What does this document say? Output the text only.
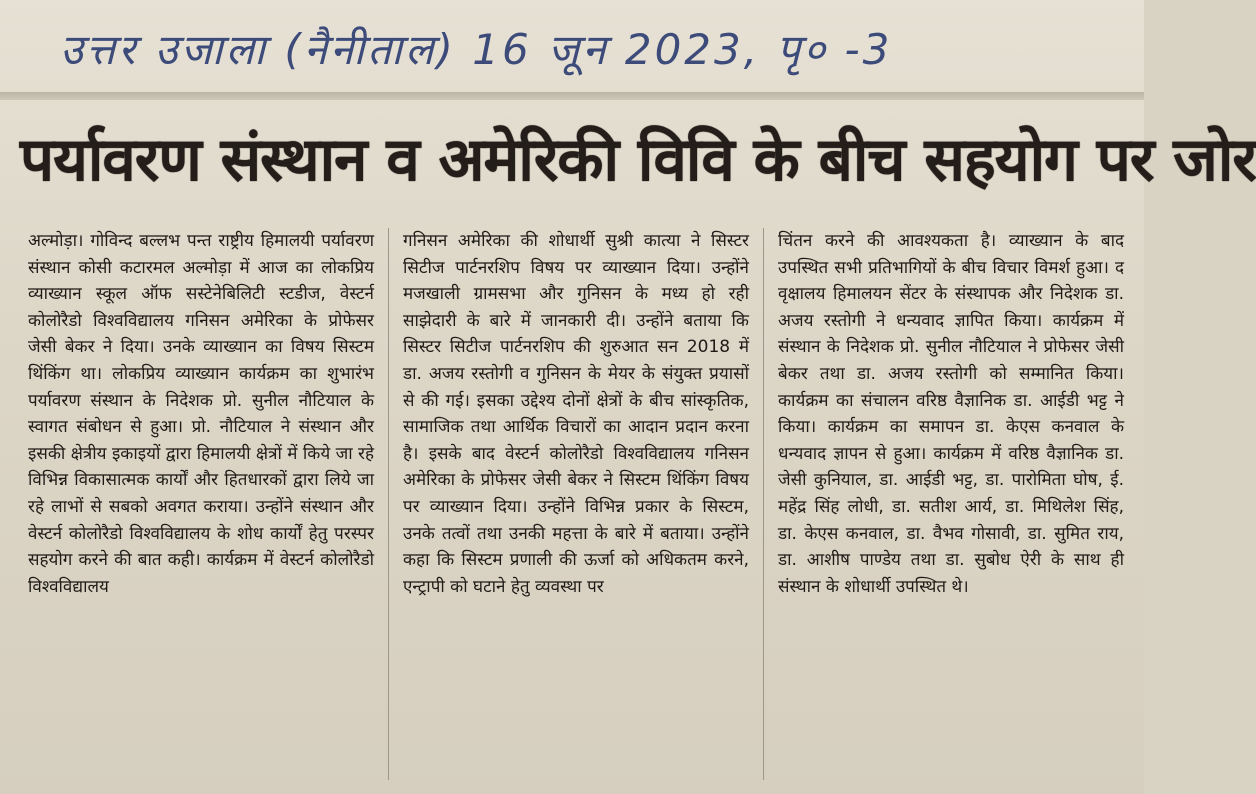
उत्तर उजाला (नैनीताल) 16 जून 2023, पृ० -3
पर्यावरण संस्थान व अमेरिकी विवि के बीच सहयोग पर जोर
अल्मोड़ा। गोविन्द बल्लभ पन्त राष्ट्रीय हिमालयी पर्यावरण संस्थान कोसी कटारमल अल्मोड़ा में आज का लोकप्रिय व्याख्यान स्कूल ऑफ सस्टेनेबिलिटी स्टडीज, वेस्टर्न कोलोरैडो विश्वविद्यालय गनिसन अमेरिका के प्रोफेसर जेसी बेकर ने दिया। उनके व्याख्यान का विषय सिस्टम थिंकिंग था। लोकप्रिय व्याख्यान कार्यक्रम का शुभारंभ पर्यावरण संस्थान के निदेशक प्रो. सुनील नौटियाल के स्वागत संबोधन से हुआ। प्रो. नौटियाल ने संस्थान और इसकी क्षेत्रीय इकाइयों द्वारा हिमालयी क्षेत्रों में किये जा रहे विभिन्न विकासात्मक कार्यों और हितधारकों द्वारा लिये जा रहे लाभों से सबको अवगत कराया। उन्होंने संस्थान और वेस्टर्न कोलोरैडो विश्वविद्यालय के शोध कार्यों हेतु परस्पर सहयोग करने की बात कही। कार्यक्रम में वेस्टर्न कोलोरैडो विश्वविद्यालय
गनिसन अमेरिका की शोधार्थी सुश्री कात्या ने सिस्टर सिटीज पार्टनरशिप विषय पर व्याख्यान दिया। उन्होंने मजखाली ग्रामसभा और गुनिसन के मध्य हो रही साझेदारी के बारे में जानकारी दी। उन्होंने बताया कि सिस्टर सिटीज पार्टनरशिप की शुरुआत सन 2018 में डा. अजय रस्तोगी व गुनिसन के मेयर के संयुक्त प्रयासों से की गई। इसका उद्देश्य दोनों क्षेत्रों के बीच सांस्कृतिक, सामाजिक तथा आर्थिक विचारों का आदान प्रदान करना है। इसके बाद वेस्टर्न कोलोरैडो विश्वविद्यालय गनिसन अमेरिका के प्रोफेसर जेसी बेकर ने सिस्टम थिंकिंग विषय पर व्याख्यान दिया। उन्होंने विभिन्न प्रकार के सिस्टम, उनके तत्वों तथा उनकी महत्ता के बारे में बताया। उन्होंने कहा कि सिस्टम प्रणाली की ऊर्जा को अधिकतम करने, एन्ट्रापी को घटाने हेतु व्यवस्था पर
चिंतन करने की आवश्यकता है। व्याख्यान के बाद उपस्थित सभी प्रतिभागियों के बीच विचार विमर्श हुआ। द वृक्षालय हिमालयन सेंटर के संस्थापक और निदेशक डा. अजय रस्तोगी ने धन्यवाद ज्ञापित किया। कार्यक्रम में संस्थान के निदेशक प्रो. सुनील नौटियाल ने प्रोफेसर जेसी बेकर तथा डा. अजय रस्तोगी को सम्मानित किया। कार्यक्रम का संचालन वरिष्ठ वैज्ञानिक डा. आईडी भट्ट ने किया। कार्यक्रम का समापन डा. केएस कनवाल के धन्यवाद ज्ञापन से हुआ। कार्यक्रम में वरिष्ठ वैज्ञानिक डा. जेसी कुनियाल, डा. आईडी भट्ट, डा. पारोमिता घोष, ई. महेंद्र सिंह लोधी, डा. सतीश आर्य, डा. मिथिलेश सिंह, डा. केएस कनवाल, डा. वैभव गोसावी, डा. सुमित राय, डा. आशीष पाण्डेय तथा डा. सुबोध ऐरी के साथ ही संस्थान के शोधार्थी उपस्थित थे।
